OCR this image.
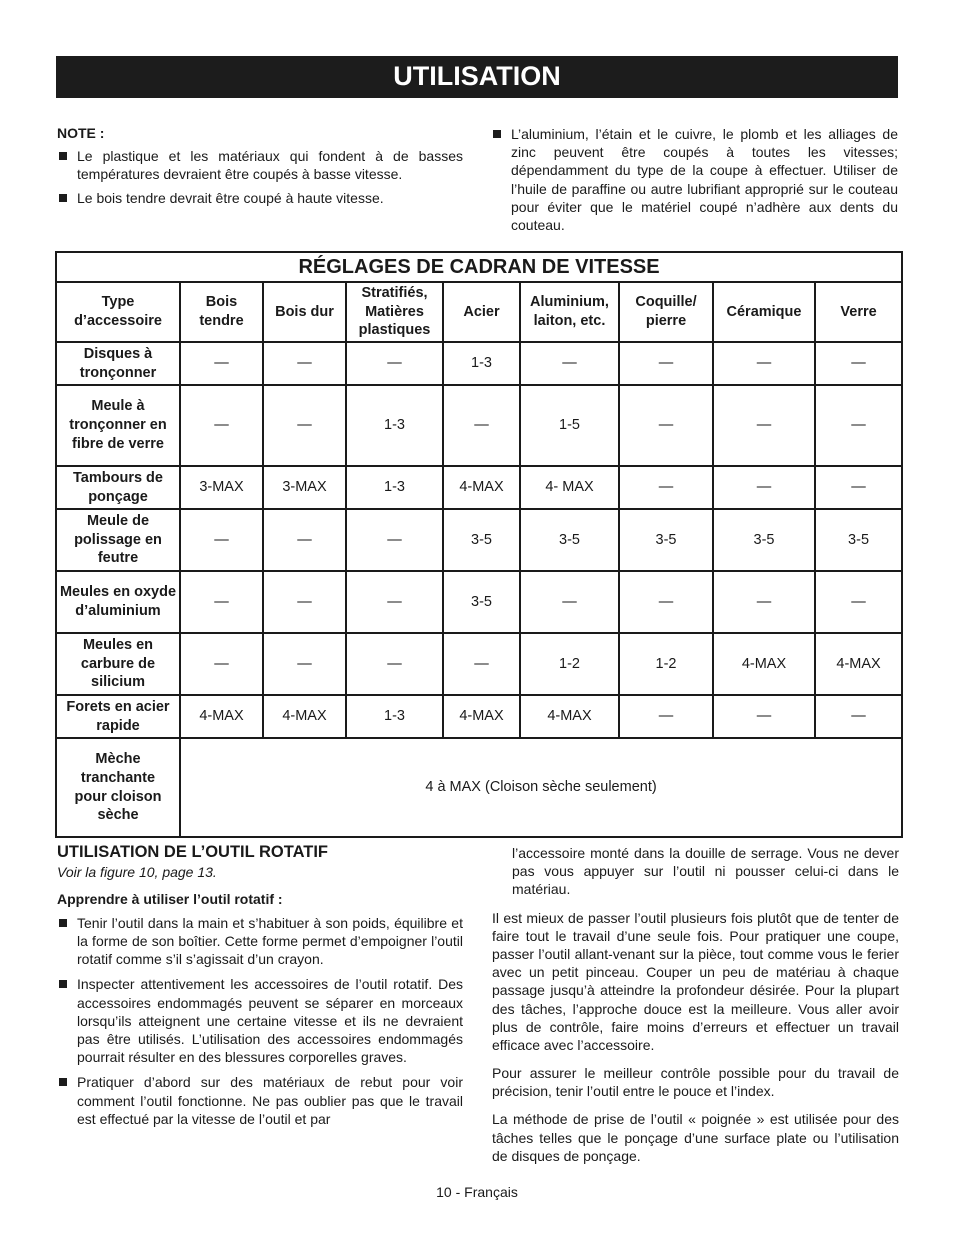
UTILISATION
NOTE :
Le plastique et les matériaux qui fondent à de basses températures devraient être coupés à basse vitesse.
Le bois tendre devrait être coupé à haute vitesse.
L’aluminium, l’étain et le cuivre, le plomb et les alliages de zinc peuvent être coupés à toutes les vitesses; dépendamment du type de la coupe à effectuer. Utiliser de l’huile de paraffine ou autre lubrifiant approprié sur le couteau pour éviter que le matériel coupé n’adhère aux dents du couteau.
RÉGLAGES DE CADRAN DE VITESSE								
Type d’accessoire	Bois tendre	Bois dur	Stratifiés, Matières plastiques	Acier	Aluminium, laiton, etc.	Coquille/ pierre	Céramique	Verre
Disques à tronçonner	—	—	—	1-3	—	—	—	—
Meule à tronçonner en fibre de verre	—	—	1-3	—	1-5	—	—	—
Tambours de ponçage	3-MAX	3-MAX	1-3	4-MAX	4- MAX	—	—	—
Meule de polissage en feutre	—	—	—	3-5	3-5	3-5	3-5	3-5
Meules en oxyde d’aluminium	—	—	—	3-5	—	—	—	—
Meules en carbure de silicium	—	—	—	—	1-2	1-2	4-MAX	4-MAX
Forets en acier rapide	4-MAX	4-MAX	1-3	4-MAX	4-MAX	—	—	—
Mèche tranchante pour cloison sèche	4 à MAX (Cloison sèche seulement)							
UTILISATION DE L’OUTIL ROTATIF
Voir la figure 10, page 13.
Apprendre à utiliser l’outil rotatif :
Tenir l’outil dans la main et s’habituer à son poids, équilibre et la forme de son boîtier. Cette forme permet d’empoigner l’outil rotatif comme s’il s’agissait d’un crayon.
Inspecter attentivement les accessoires de l’outil rotatif. Des accessoires endommagés peuvent se séparer en morceaux lorsqu’ils atteignent une certaine vitesse et ils ne devraient pas être utilisés. L’utilisation des accessoires endommagés pourrait résulter en des blessures corporelles graves.
Pratiquer d’abord sur des matériaux de rebut pour voir comment l’outil fonctionne. Ne pas oublier pas que le travail est effectué par la vitesse de l’outil et par

l’accessoire monté dans la douille de serrage. Vous ne dever pas vous appuyer sur l’outil ni pousser celui-ci dans le matériau.

Il est mieux de passer l’outil plusieurs fois plutôt que de tenter de faire tout le travail d’une seule fois. Pour pratiquer une coupe, passer l’outil allant-venant sur la pièce, tout comme vous le ferier avec un petit pinceau. Couper un peu de matériau à chaque passage jusqu’à atteindre la profondeur désirée. Pour la plupart des tâches, l’approche douce est la meilleure. Vous aller avoir plus de contrôle, faire moins d’erreurs et effectuer un travail efficace avec l’accessoire.

Pour assurer le meilleur contrôle possible pour du travail de précision, tenir l’outil entre le pouce et l’index.

La méthode de prise de l’outil « poignée » est utilisée pour des tâches telles que le ponçage d’une surface plate ou l’utilisation de disques de ponçage.

10 - Français
